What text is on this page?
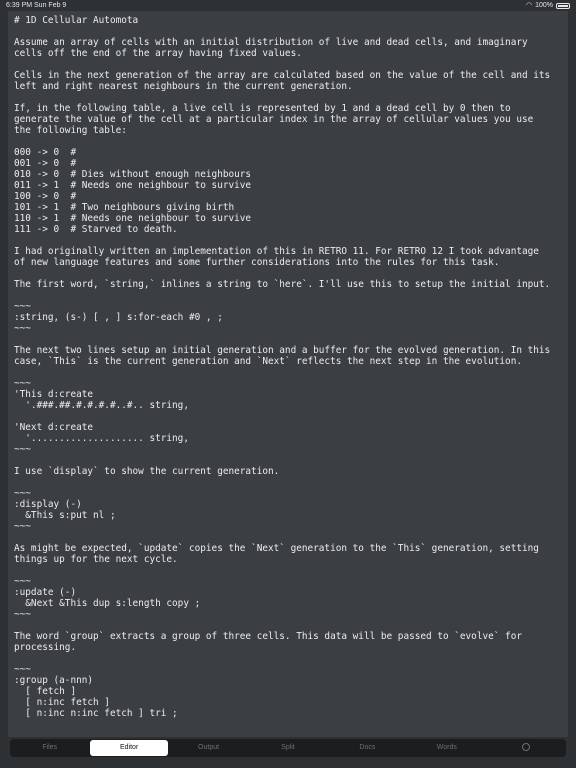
6:39 PM Sun Feb 9	◠ 100%
# 1D Cellular Automota

Assume an array of cells with an initial distribution of live and dead cells, and imaginary
cells off the end of the array having fixed values.

Cells in the next generation of the array are calculated based on the value of the cell and its
left and right nearest neighbours in the current generation.

If, in the following table, a live cell is represented by 1 and a dead cell by 0 then to
generate the value of the cell at a particular index in the array of cellular values you use
the following table:

000 -> 0  #
001 -> 0  #
010 -> 0  # Dies without enough neighbours
011 -> 1  # Needs one neighbour to survive
100 -> 0  #
101 -> 1  # Two neighbours giving birth
110 -> 1  # Needs one neighbour to survive
111 -> 0  # Starved to death.

I had originally written an implementation of this in RETRO 11. For RETRO 12 I took advantage
of new language features and some further considerations into the rules for this task.

The first word, `string,` inlines a string to `here`. I'll use this to setup the initial input.

~~~
:string, (s-) [ , ] s:for-each #0 , ;
~~~

The next two lines setup an initial generation and a buffer for the evolved generation. In this
case, `This` is the current generation and `Next` reflects the next step in the evolution.

~~~
'This d:create
'.###.##.#.#.#.#..#.. string,

'Next d:create
'.................... string,
~~~

I use `display` to show the current generation.

~~~
:display (-)
&This s:put nl ;
~~~

As might be expected, `update` copies the `Next` generation to the `This` generation, setting
things up for the next cycle.

~~~
:update (-)
&Next &This dup s:length copy ;
~~~

The word `group` extracts a group of three cells. This data will be passed to `evolve` for
processing.

~~~
:group (a-nnn)
[ fetch ]
[ n:inc fetch ]
[ n:inc n:inc fetch ] tri ;
Files	Editor	Output	Split	Docs	Words
